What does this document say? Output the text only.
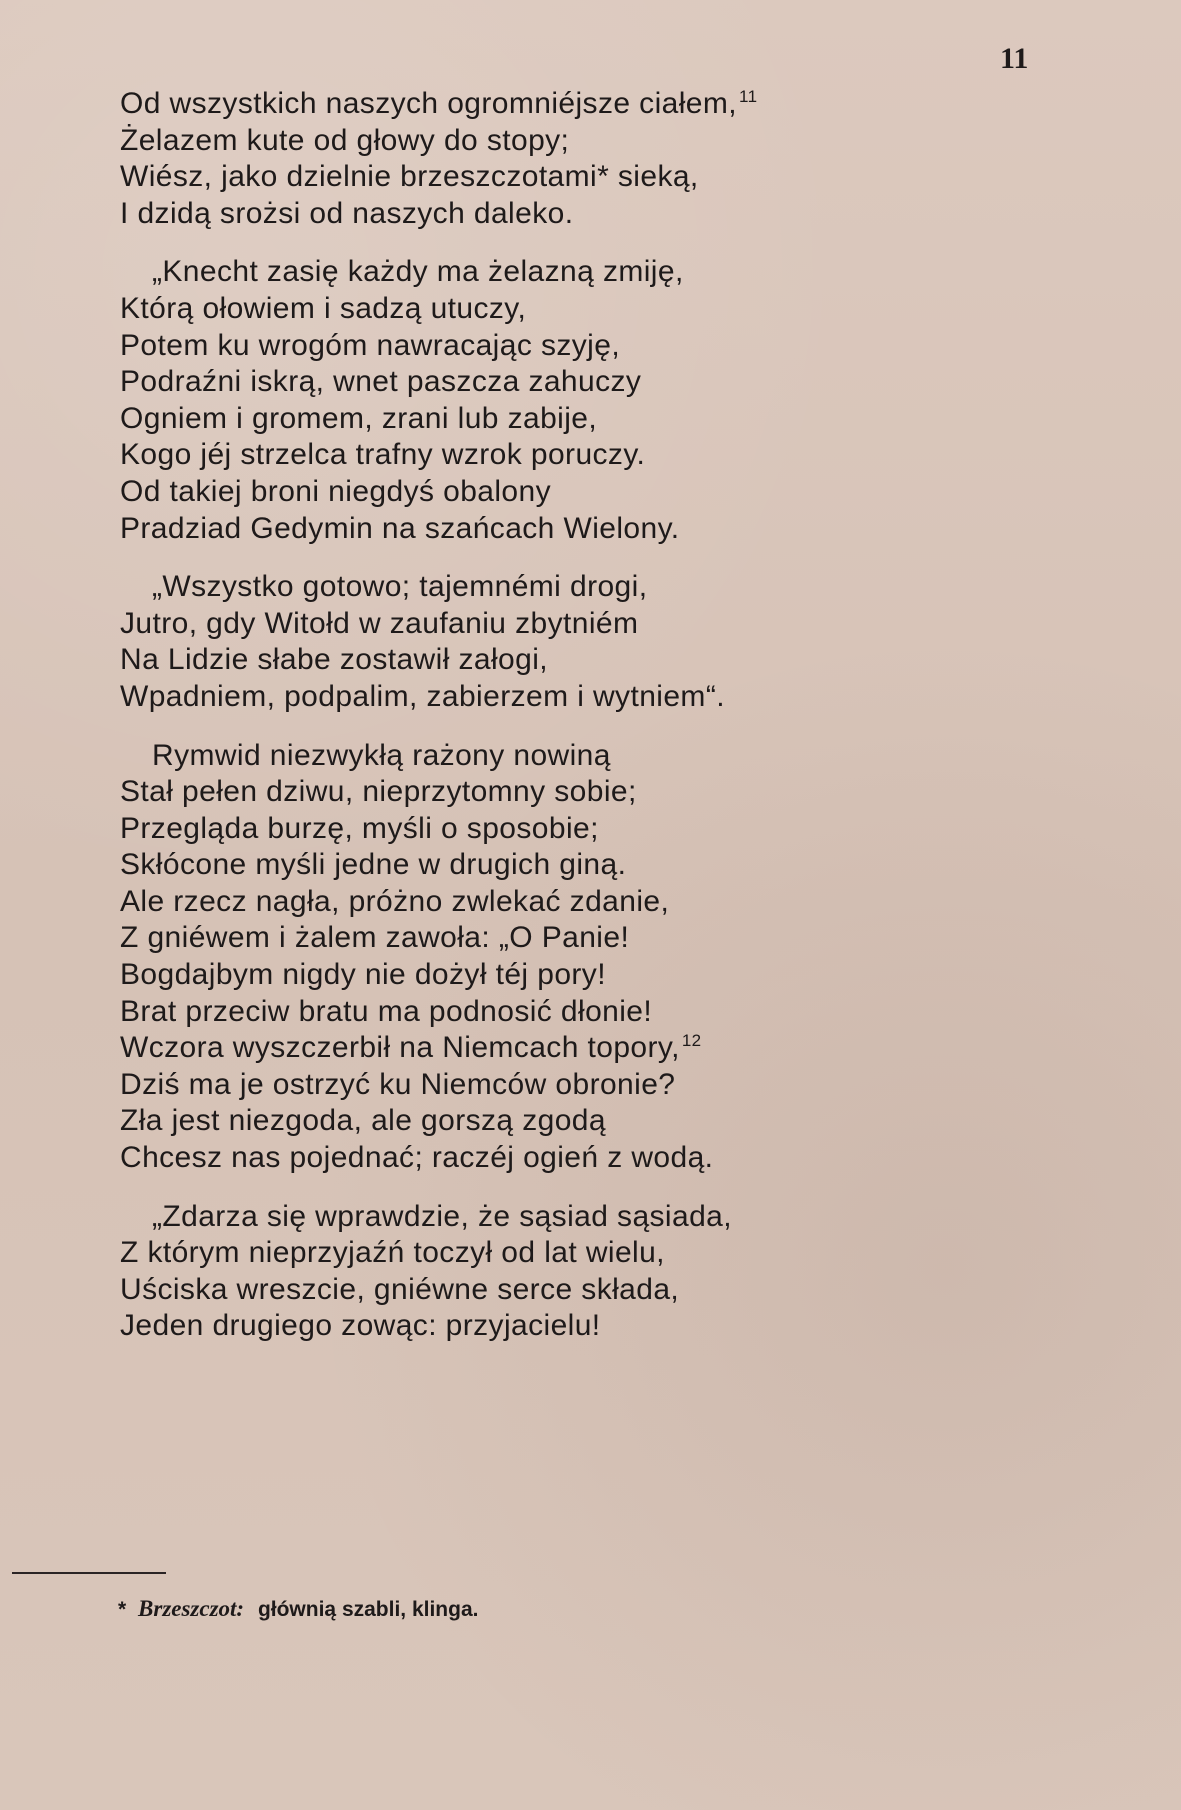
11
Od wszystkich naszych ogromniéjsze ciałem, $^{11}$
Żelazem kute od głowy do stopy;
Wiész, jako dzielnie brzeszczotami* sieką,
I dzidą srożsi od naszych daleko.
„Knecht zasię każdy ma żelazną zmiję,
Którą ołowiem i sadzą utuczy,
Potem ku wrogóm nawracając szyję,
Podraźni iskrą, wnet paszcza zahuczy
Ogniem i gromem, zrani lub zabije,
Kogo jéj strzelca trafny wzrok poruczy.
Od takiej broni niegdyś obalony
Pradziad Gedymin na szańcach Wielony.
„Wszystko gotowo; tajemnémi drogi,
Jutro, gdy Witołd w zaufaniu zbytniém
Na Lidzie słabe zostawił załogi,
Wpadniem, podpalim, zabierzem i wytniem“.
Rymwid niezwykłą rażony nowiną
Stał pełen dziwu, nieprzytomny sobie;
Przegląda burzę, myśli o sposobie;
Skłócone myśli jedne w drugich giną.
Ale rzecz nagła, próżno zwlekać zdanie,
Z gniéwem i żalem zawoła: „O Panie!
Bogdajbym nigdy nie dożył téj pory!
Brat przeciw bratu ma podnosić dłonie!
Wczora wyszczerbił na Niemcach topory, $^{12}$
Dziś ma je ostrzyć ku Niemców obronie?
Zła jest niezgoda, ale gorszą zgodą
Chcesz nas pojednać; raczéj ogień z wodą.
„Zdarza się wprawdzie, że sąsiad sąsiada,
Z którym nieprzyjaźń toczył od lat wielu,
Uściska wreszcie, gniéwne serce składa,
Jeden drugiego zowąc: przyjacielu!
* Brzeszczot: głównią szabli, klinga.
